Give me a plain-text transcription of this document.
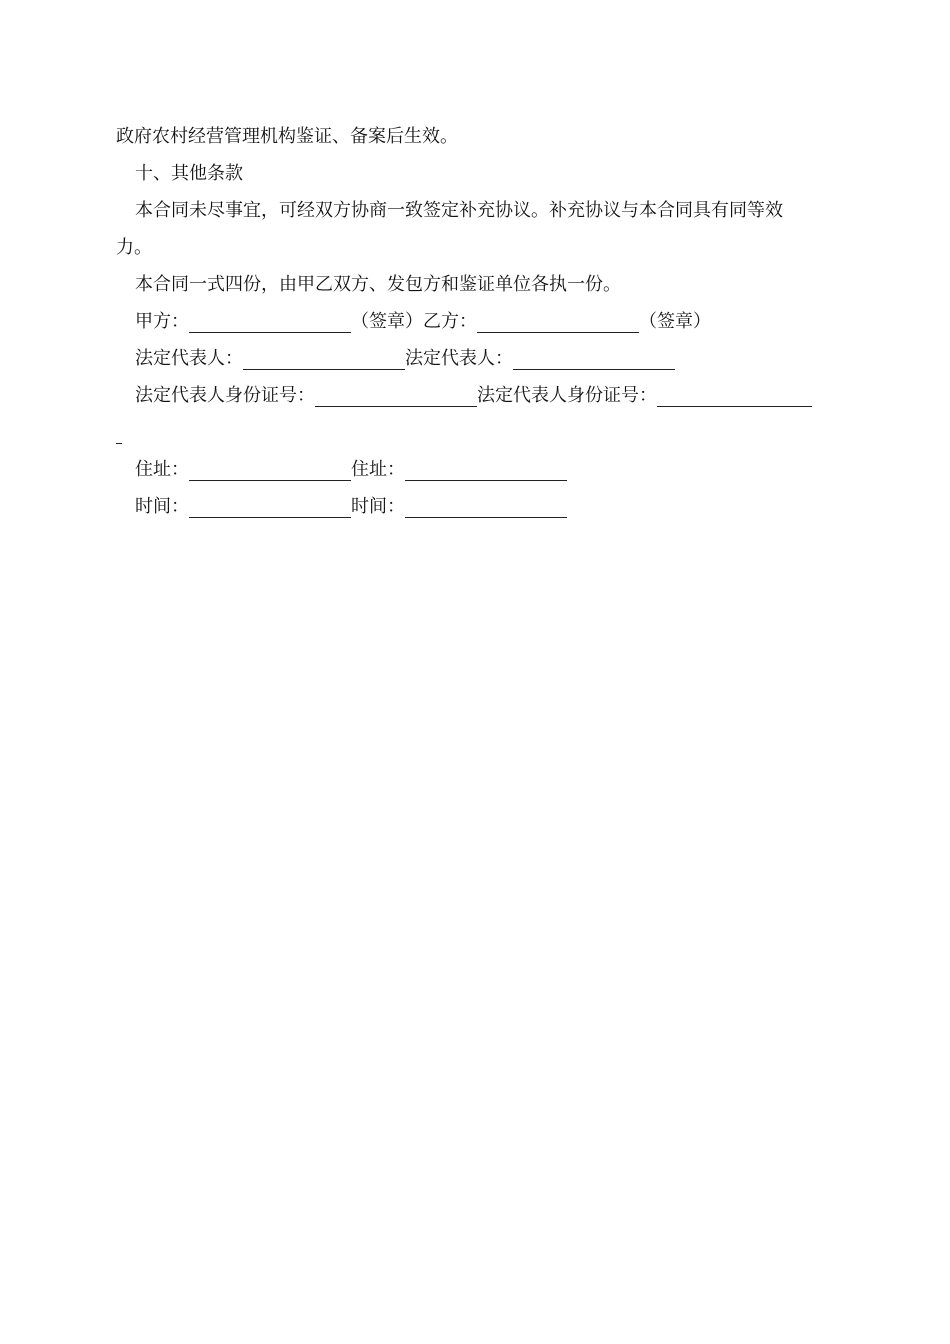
政府农村经营管理机构鉴证、备案后生效。
十、其他条款
本合同未尽事宜，可经双方协商一致签定补充协议。补充协议与本合同具有同等效
力。
本合同一式四份，由甲乙双方、发包方和鉴证单位各执一份。
甲方：	（签章）乙方：	（签章）
法定代表人：	法定代表人：
法定代表人身份证号：	法定代表人身份证号：
住址：	住址：
时间：	时间：
